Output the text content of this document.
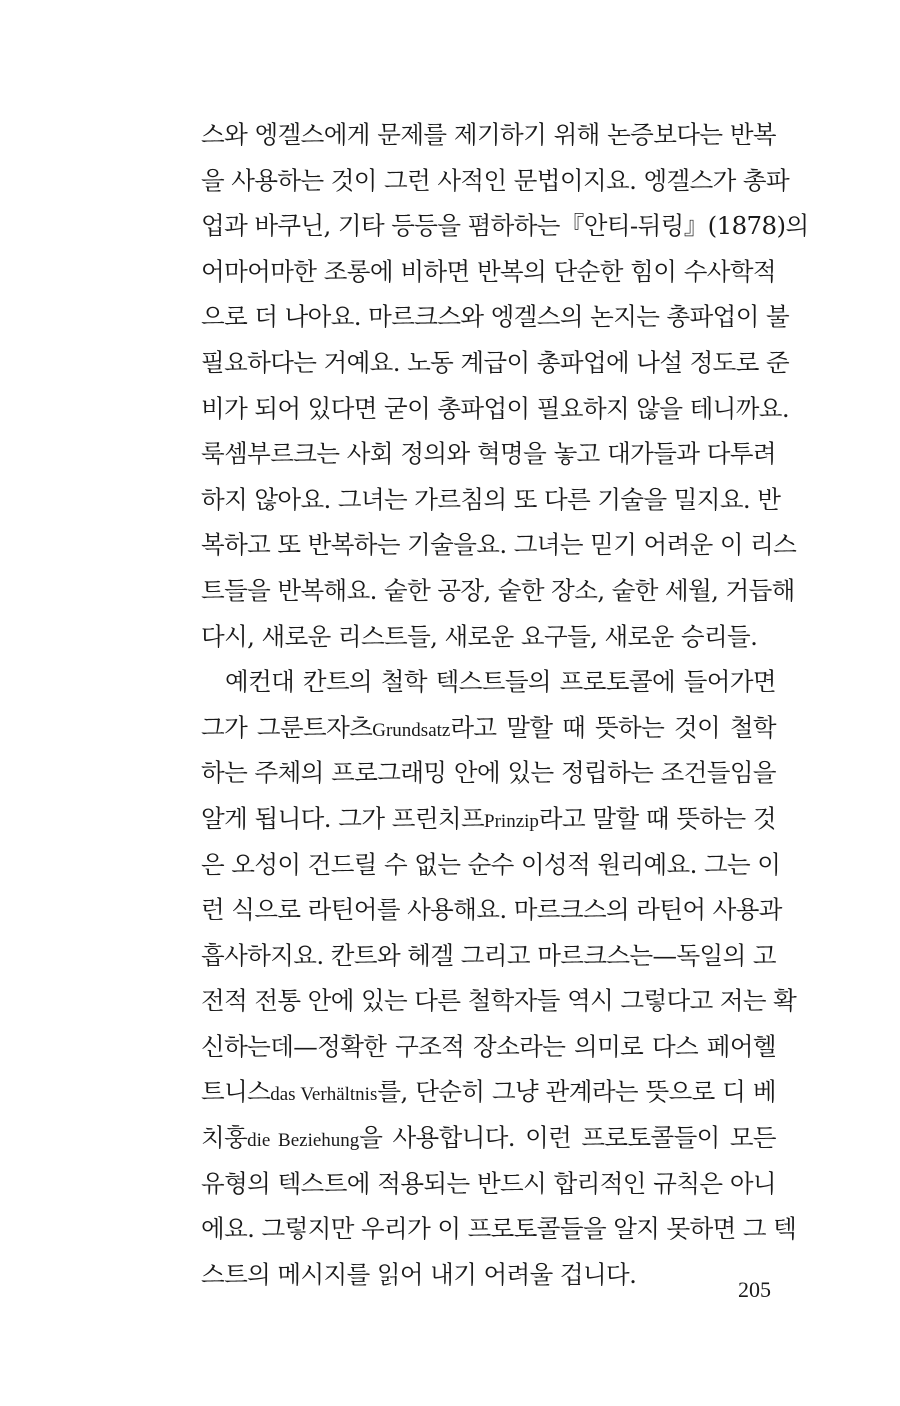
스와 엥겔스에게 문제를 제기하기 위해 논증보다는 반복
을 사용하는 것이 그런 사적인 문법이지요. 엥겔스가 총파
업과 바쿠닌, 기타 등등을 폄하하는『안티-뒤링』(1878)의
어마어마한 조롱에 비하면 반복의 단순한 힘이 수사학적
으로 더 나아요. 마르크스와 엥겔스의 논지는 총파업이 불
필요하다는 거예요. 노동 계급이 총파업에 나설 정도로 준
비가 되어 있다면 굳이 총파업이 필요하지 않을 테니까요.
룩셈부르크는 사회 정의와 혁명을 놓고 대가들과 다투려
하지 않아요. 그녀는 가르침의 또 다른 기술을 밀지요. 반
복하고 또 반복하는 기술을요. 그녀는 믿기 어려운 이 리스
트들을 반복해요. 숱한 공장, 숱한 장소, 숱한 세월, 거듭해
다시, 새로운 리스트들, 새로운 요구들, 새로운 승리들.
예컨대 칸트의 철학 텍스트들의 프로토콜에 들어가면
그가 그룬트자츠Grundsatz라고 말할 때 뜻하는 것이 철학
하는 주체의 프로그래밍 안에 있는 정립하는 조건들임을
알게 됩니다. 그가 프린치프Prinzip라고 말할 때 뜻하는 것
은 오성이 건드릴 수 없는 순수 이성적 원리예요. 그는 이
런 식으로 라틴어를 사용해요. 마르크스의 라틴어 사용과
흡사하지요. 칸트와 헤겔 그리고 마르크스는—독일의 고
전적 전통 안에 있는 다른 철학자들 역시 그렇다고 저는 확
신하는데—정확한 구조적 장소라는 의미로 다스 페어헬
트니스das Verhältnis를, 단순히 그냥 관계라는 뜻으로 디 베
치훙die Beziehung을 사용합니다. 이런 프로토콜들이 모든
유형의 텍스트에 적용되는 반드시 합리적인 규칙은 아니
에요. 그렇지만 우리가 이 프로토콜들을 알지 못하면 그 텍
스트의 메시지를 읽어 내기 어려울 겁니다.
205
